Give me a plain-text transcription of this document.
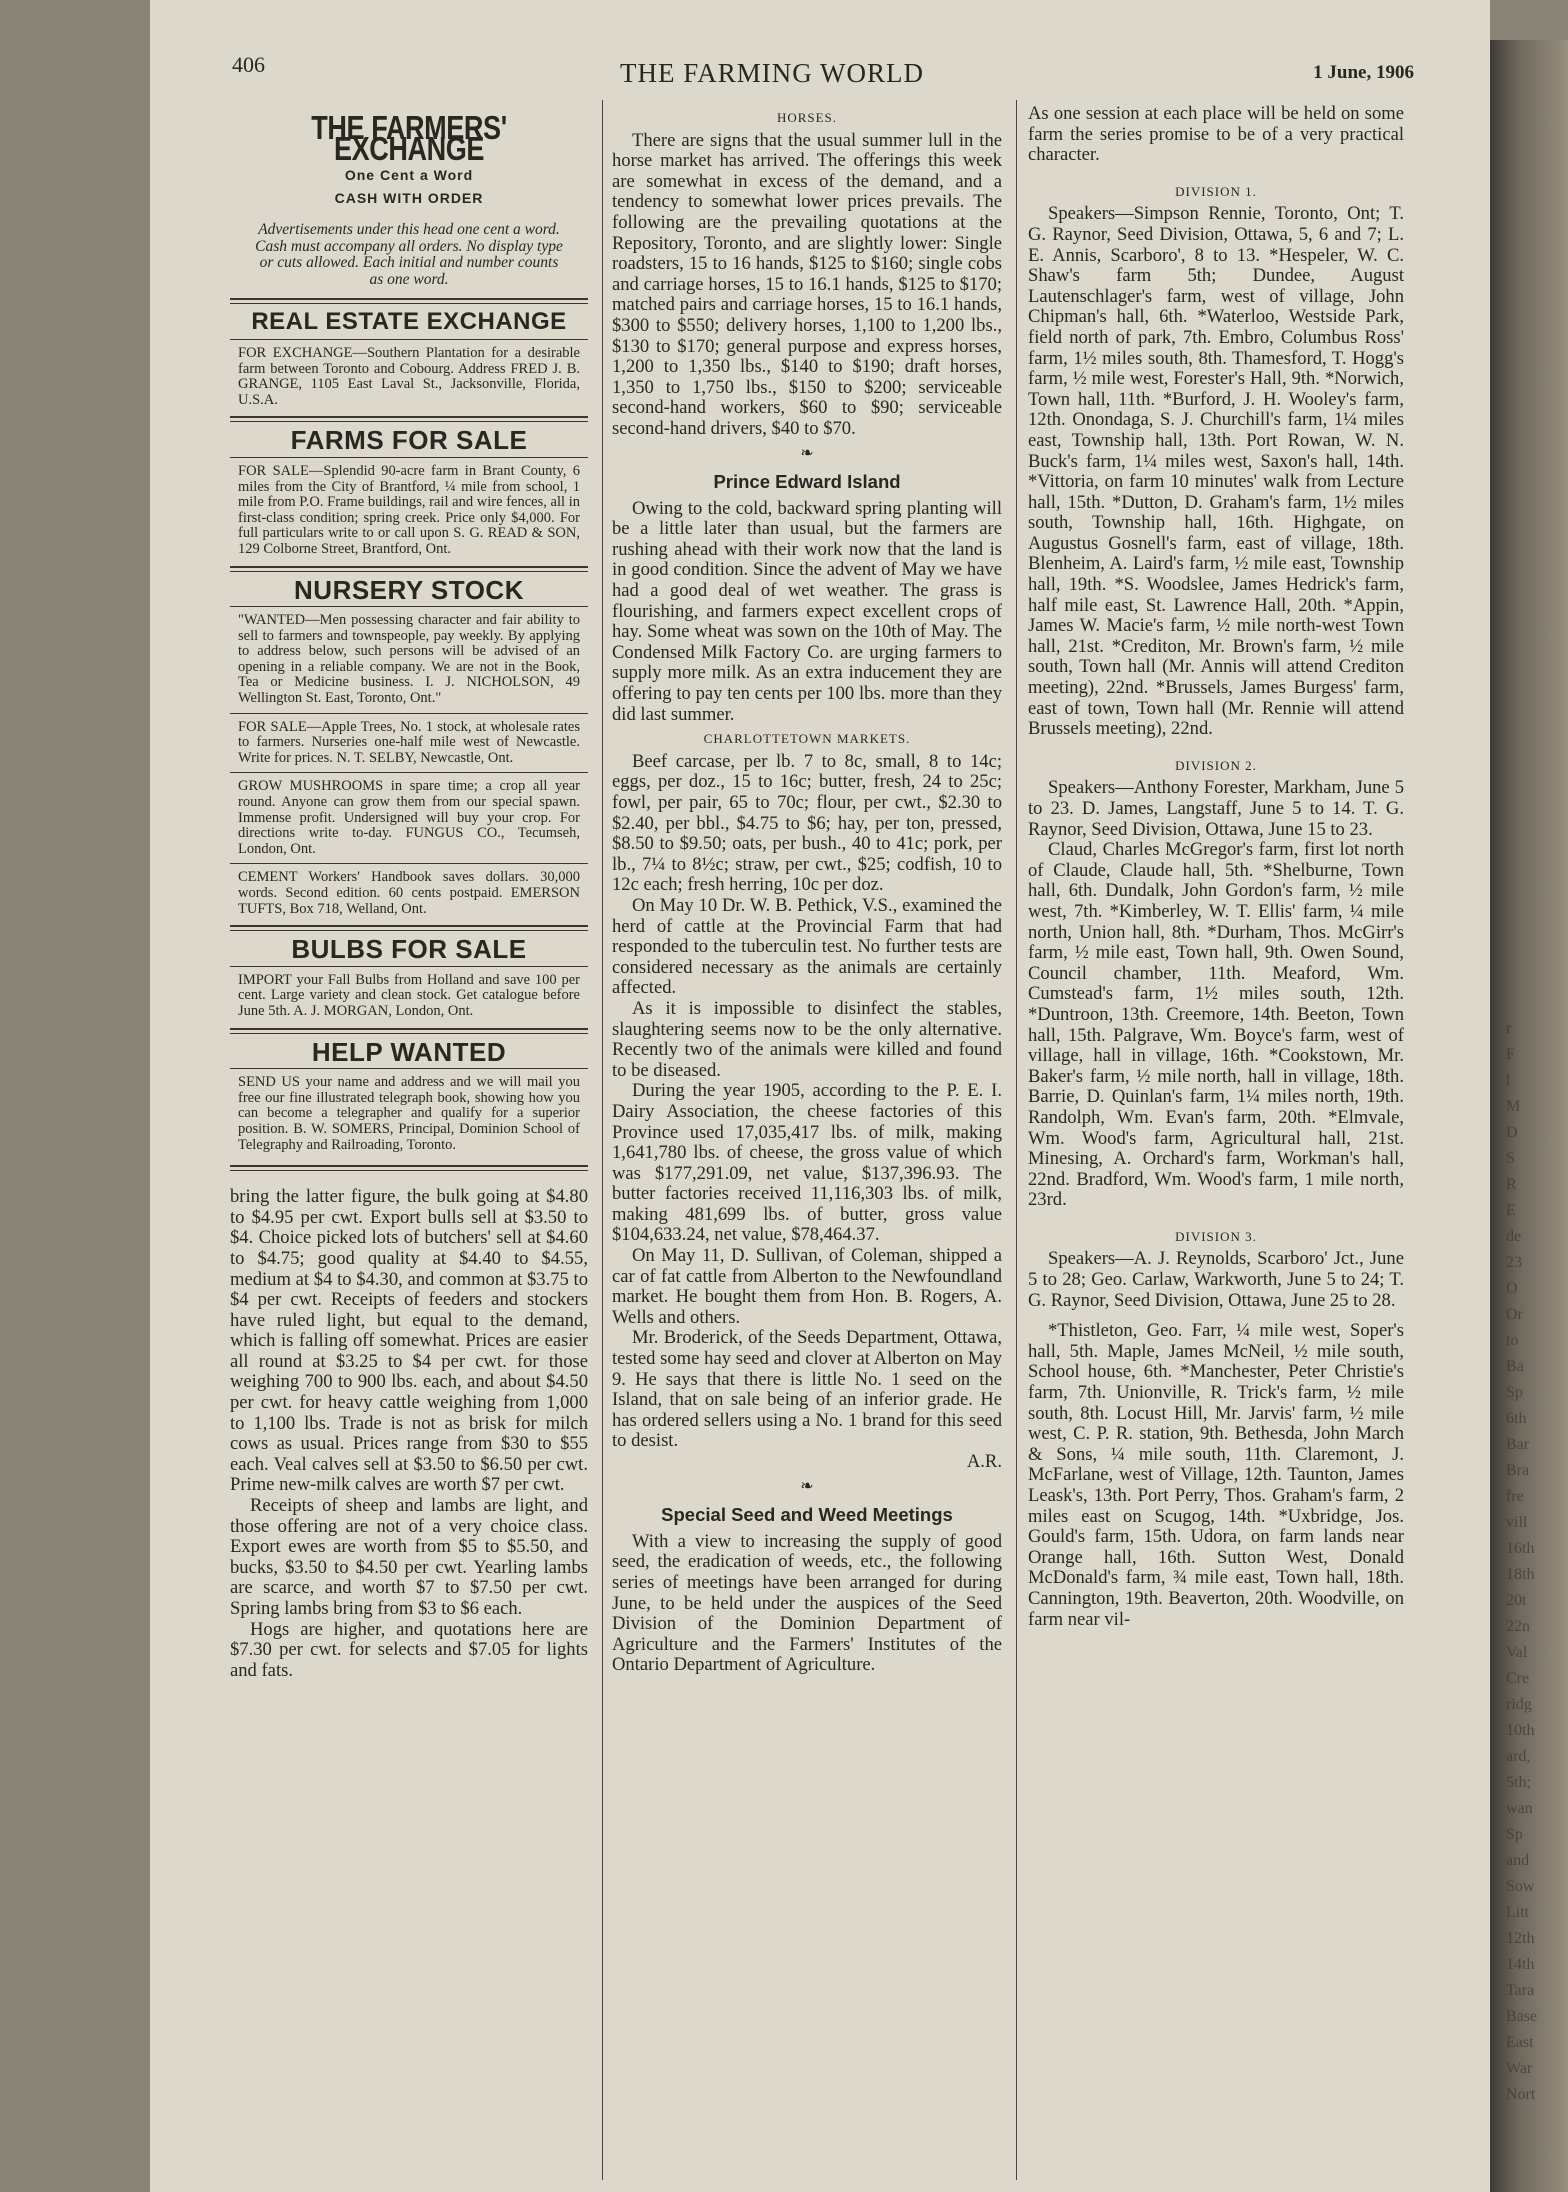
406	THE FARMING WORLD	1 June, 1906
THE FARMERS' EXCHANGE
One Cent a Word
CASH WITH ORDER
Advertisements under this head one cent a word. Cash must accompany all orders. No display type or cuts allowed. Each initial and number counts as one word.
REAL ESTATE EXCHANGE
FOR EXCHANGE—Southern Plantation for a desirable farm between Toronto and Cobourg. Address FRED J. B. GRANGE, 1105 East Laval St., Jacksonville, Florida, U.S.A.
FARMS FOR SALE
FOR SALE—Splendid 90-acre farm in Brant County, 6 miles from the City of Brantford, ¼ mile from school, 1 mile from P.O. Frame buildings, rail and wire fences, all in first-class condition; spring creek. Price only $4,000. For full particulars write to or call upon S. G. READ & SON, 129 Colborne Street, Brantford, Ont.
NURSERY STOCK
"WANTED—Men possessing character and fair ability to sell to farmers and townspeople, pay weekly. By applying to address below, such persons will be advised of an opening in a reliable company. We are not in the Book, Tea or Medicine business. I. J. NICHOLSON, 49 Wellington St. East, Toronto, Ont."
FOR SALE—Apple Trees, No. 1 stock, at wholesale rates to farmers. Nurseries one-half mile west of Newcastle. Write for prices. N. T. SELBY, Newcastle, Ont.
GROW MUSHROOMS in spare time; a crop all year round. Anyone can grow them from our special spawn. Immense profit. Undersigned will buy your crop. For directions write to-day. FUNGUS CO., Tecumseh, London, Ont.
CEMENT Workers' Handbook saves dollars. 30,000 words. Second edition. 60 cents postpaid. EMERSON TUFTS, Box 718, Welland, Ont.
BULBS FOR SALE
IMPORT your Fall Bulbs from Holland and save 100 per cent. Large variety and clean stock. Get catalogue before June 5th. A. J. MORGAN, London, Ont.
HELP WANTED
SEND US your name and address and we will mail you free our fine illustrated telegraph book, showing how you can become a telegrapher and qualify for a superior position. B. W. SOMERS, Principal, Dominion School of Telegraphy and Railroading, Toronto.

bring the latter figure, the bulk going at $4.80 to $4.95 per cwt. Export bulls sell at $3.50 to $4. Choice picked lots of butchers' sell at $4.60 to $4.75; good quality at $4.40 to $4.55, medium at $4 to $4.30, and common at $3.75 to $4 per cwt. Receipts of feeders and stockers have ruled light, but equal to the demand, which is falling off somewhat. Prices are easier all round at $3.25 to $4 per cwt. for those weighing 700 to 900 lbs. each, and about $4.50 per cwt. for heavy cattle weighing from 1,000 to 1,100 lbs. Trade is not as brisk for milch cows as usual. Prices range from $30 to $55 each. Veal calves sell at $3.50 to $6.50 per cwt. Prime new-milk calves are worth $7 per cwt.

Receipts of sheep and lambs are light, and those offering are not of a very choice class. Export ewes are worth from $5 to $5.50, and bucks, $3.50 to $4.50 per cwt. Yearling lambs are scarce, and worth $7 to $7.50 per cwt. Spring lambs bring from $3 to $6 each.

Hogs are higher, and quotations here are $7.30 per cwt. for selects and $7.05 for lights and fats.

HORSES.

There are signs that the usual summer lull in the horse market has arrived. The offerings this week are somewhat in excess of the demand, and a tendency to somewhat lower prices prevails. The following are the prevailing quotations at the Repository, Toronto, and are slightly lower: Single roadsters, 15 to 16 hands, $125 to $160; single cobs and carriage horses, 15 to 16.1 hands, $125 to $170; matched pairs and carriage horses, 15 to 16.1 hands, $300 to $550; delivery horses, 1,100 to 1,200 lbs., $130 to $170; general purpose and express horses, 1,200 to 1,350 lbs., $140 to $190; draft horses, 1,350 to 1,750 lbs., $150 to $200; serviceable second-hand workers, $60 to $90; serviceable second-hand drivers, $40 to $70.

❧
Prince Edward Island

Owing to the cold, backward spring planting will be a little later than usual, but the farmers are rushing ahead with their work now that the land is in good condition. Since the advent of May we have had a good deal of wet weather. The grass is flourishing, and farmers expect excellent crops of hay. Some wheat was sown on the 10th of May. The Condensed Milk Factory Co. are urging farmers to supply more milk. As an extra inducement they are offering to pay ten cents per 100 lbs. more than they did last summer.

CHARLOTTETOWN MARKETS.

Beef carcase, per lb. 7 to 8c, small, 8 to 14c; eggs, per doz., 15 to 16c; butter, fresh, 24 to 25c; fowl, per pair, 65 to 70c; flour, per cwt., $2.30 to $2.40, per bbl., $4.75 to $6; hay, per ton, pressed, $8.50 to $9.50; oats, per bush., 40 to 41c; pork, per lb., 7¼ to 8½c; straw, per cwt., $25; codfish, 10 to 12c each; fresh herring, 10c per doz.

On May 10 Dr. W. B. Pethick, V.S., examined the herd of cattle at the Provincial Farm that had responded to the tuberculin test. No further tests are considered necessary as the animals are certainly affected.

As it is impossible to disinfect the stables, slaughtering seems now to be the only alternative. Recently two of the animals were killed and found to be diseased.

During the year 1905, according to the P. E. I. Dairy Association, the cheese factories of this Province used 17,035,417 lbs. of milk, making 1,641,780 lbs. of cheese, the gross value of which was $177,291.09, net value, $137,396.93. The butter factories received 11,116,303 lbs. of milk, making 481,699 lbs. of butter, gross value $104,633.24, net value, $78,464.37.

On May 11, D. Sullivan, of Coleman, shipped a car of fat cattle from Alberton to the Newfoundland market. He bought them from Hon. B. Rogers, A. Wells and others.

Mr. Broderick, of the Seeds Department, Ottawa, tested some hay seed and clover at Alberton on May 9. He says that there is little No. 1 seed on the Island, that on sale being of an inferior grade. He has ordered sellers using a No. 1 brand for this seed to desist.

A.R.

❧
Special Seed and Weed Meetings

With a view to increasing the supply of good seed, the eradication of weeds, etc., the following series of meetings have been arranged for during June, to be held under the auspices of the Seed Division of the Dominion Department of Agriculture and the Farmers' Institutes of the Ontario Department of Agriculture.

As one session at each place will be held on some farm the series promise to be of a very practical character.

DIVISION 1.

Speakers—Simpson Rennie, Toronto, Ont; T. G. Raynor, Seed Division, Ottawa, 5, 6 and 7; L. E. Annis, Scarboro', 8 to 13. *Hespeler, W. C. Shaw's farm 5th; Dundee, August Lautenschlager's farm, west of village, John Chipman's hall, 6th. *Waterloo, Westside Park, field north of park, 7th. Embro, Columbus Ross' farm, 1½ miles south, 8th. Thamesford, T. Hogg's farm, ½ mile west, Forester's Hall, 9th. *Norwich, Town hall, 11th. *Burford, J. H. Wooley's farm, 12th. Onondaga, S. J. Churchill's farm, 1¼ miles east, Township hall, 13th. Port Rowan, W. N. Buck's farm, 1¼ miles west, Saxon's hall, 14th. *Vittoria, on farm 10 minutes' walk from Lecture hall, 15th. *Dutton, D. Graham's farm, 1½ miles south, Township hall, 16th. Highgate, on Augustus Gosnell's farm, east of village, 18th. Blenheim, A. Laird's farm, ½ mile east, Township hall, 19th. *S. Woodslee, James Hedrick's farm, half mile east, St. Lawrence Hall, 20th. *Appin, James W. Macie's farm, ½ mile north-west Town hall, 21st. *Crediton, Mr. Brown's farm, ½ mile south, Town hall (Mr. Annis will attend Crediton meeting), 22nd. *Brussels, James Burgess' farm, east of town, Town hall (Mr. Rennie will attend Brussels meeting), 22nd.

DIVISION 2.

Speakers—Anthony Forester, Markham, June 5 to 23. D. James, Langstaff, June 5 to 14. T. G. Raynor, Seed Division, Ottawa, June 15 to 23.

Claud, Charles McGregor's farm, first lot north of Claude, Claude hall, 5th. *Shelburne, Town hall, 6th. Dundalk, John Gordon's farm, ½ mile west, 7th. *Kimberley, W. T. Ellis' farm, ¼ mile north, Union hall, 8th. *Durham, Thos. McGirr's farm, ½ mile east, Town hall, 9th. Owen Sound, Council chamber, 11th. Meaford, Wm. Cumstead's farm, 1½ miles south, 12th. *Duntroon, 13th. Creemore, 14th. Beeton, Town hall, 15th. Palgrave, Wm. Boyce's farm, west of village, hall in village, 16th. *Cookstown, Mr. Baker's farm, ½ mile north, hall in village, 18th. Barrie, D. Quinlan's farm, 1¼ miles north, 19th. Randolph, Wm. Evan's farm, 20th. *Elmvale, Wm. Wood's farm, Agricultural hall, 21st. Minesing, A. Orchard's farm, Workman's hall, 22nd. Bradford, Wm. Wood's farm, 1 mile north, 23rd.

DIVISION 3.

Speakers—A. J. Reynolds, Scarboro' Jct., June 5 to 28; Geo. Carlaw, Warkworth, June 5 to 24; T. G. Raynor, Seed Division, Ottawa, June 25 to 28.

*Thistleton, Geo. Farr, ¼ mile west, Soper's hall, 5th. Maple, James McNeil, ½ mile south, School house, 6th. *Manchester, Peter Christie's farm, 7th. Unionville, R. Trick's farm, ½ mile south, 8th. Locust Hill, Mr. Jarvis' farm, ½ mile west, C. P. R. station, 9th. Bethesda, John March & Sons, ¼ mile south, 11th. Claremont, J. McFarlane, west of Village, 12th. Taunton, James Leask's, 13th. Port Perry, Thos. Graham's farm, 2 miles east on Scugog, 14th. *Uxbridge, Jos. Gould's farm, 15th. Udora, on farm lands near Orange hall, 16th. Sutton West, Donald McDonald's farm, ¾ mile east, Town hall, 18th. Cannington, 19th. Beaverton, 20th. Woodville, on farm near vil-

r
F
l
M
D
S
R
E
de
23
O
Or
to
Ba
Sp
6th
Bar
Bra
fre
vill
16th
18th
20t
22n
Val
Cre
ridg
10th
ard,
5th;
wan
Sp
and
Sow
Litt
12th
14th
Tara
Base
East
War
Nort
